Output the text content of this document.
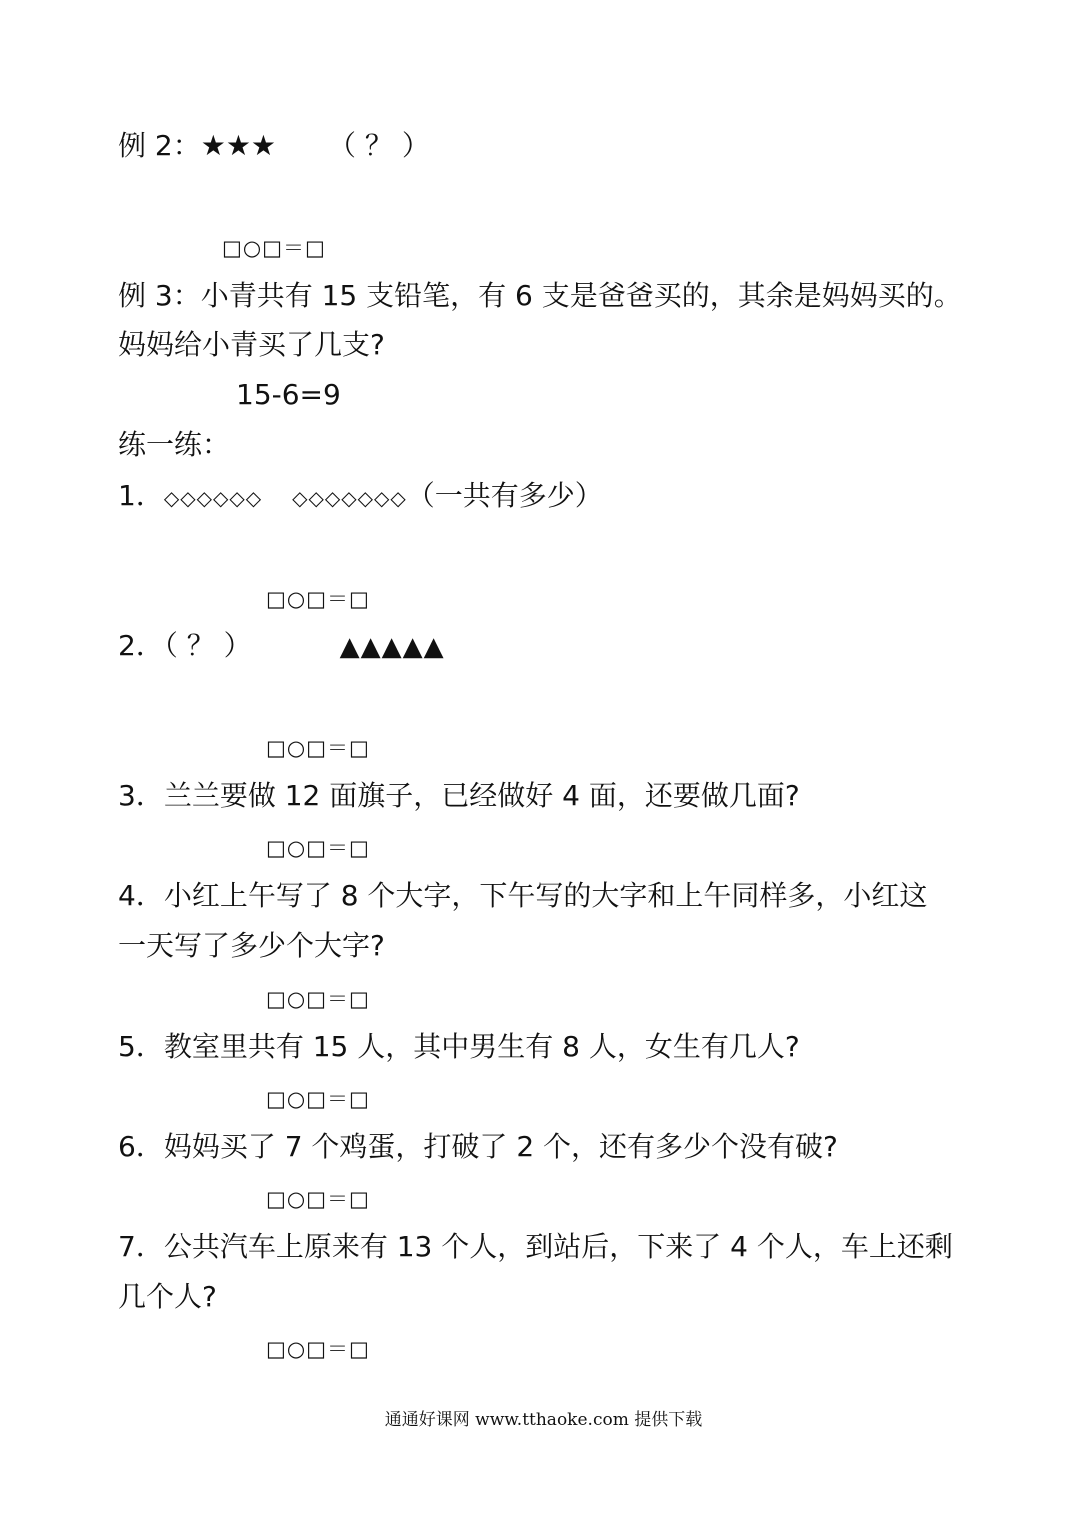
例 2：★★★ （ ？ ）
□○□＝□
例 3：小青共有 15 支铅笔，有 6 支是爸爸买的，其余是妈妈买的。
妈妈给小青买了几支?
15-6=9
练一练：
1．◇◇◇◇◇◇ ◇◇◇◇◇◇◇（一共有多少）
□○□＝□
2．（ ？ ）	▲▲▲▲▲
□○□＝□
3．兰兰要做 12 面旗子，已经做好 4 面，还要做几面?
□○□＝□
4．小红上午写了 8 个大字，下午写的大字和上午同样多，小红这
一天写了多少个大字?
□○□＝□
5．教室里共有 15 人，其中男生有 8 人，女生有几人?
□○□＝□
6．妈妈买了 7 个鸡蛋，打破了 2 个，还有多少个没有破?
□○□＝□
7．公共汽车上原来有 13 个人，到站后，下来了 4 个人，车上还剩
几个人?
□○□＝□
通通好课网 www.tthaoke.com 提供下载
